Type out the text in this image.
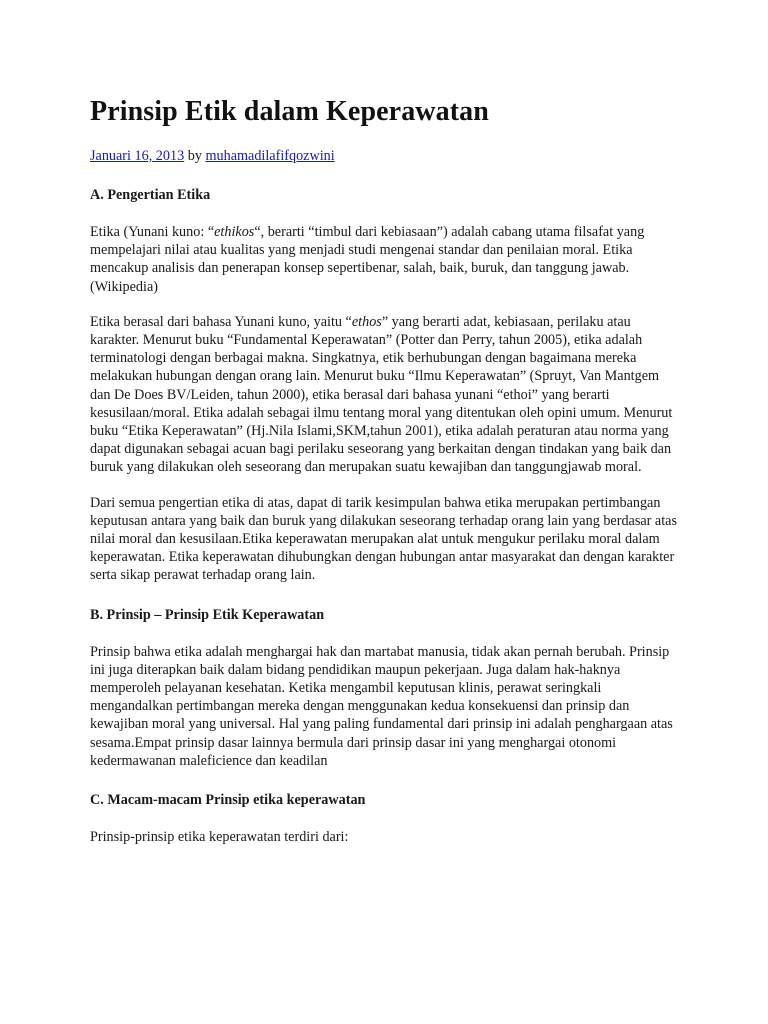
Prinsip Etik dalam Keperawatan
Januari 16, 2013 by muhamadilafifqozwini
A. Pengertian Etika

Etika (Yunani kuno: “ethikos“, berarti “timbul dari kebiasaan”) adalah cabang utama filsafat yang mempelajari nilai atau kualitas yang menjadi studi mengenai standar dan penilaian moral. Etika mencakup analisis dan penerapan konsep sepertibenar, salah, baik, buruk, dan tanggung jawab.(Wikipedia)

Etika berasal dari bahasa Yunani kuno, yaitu “ethos” yang berarti adat, kebiasaan, perilaku atau karakter. Menurut buku “Fundamental Keperawatan” (Potter dan Perry, tahun 2005), etika adalah terminatologi dengan berbagai makna. Singkatnya, etik berhubungan dengan bagaimana mereka melakukan hubungan dengan orang lain. Menurut buku “Ilmu Keperawatan” (Spruyt, Van Mantgem dan De Does BV/Leiden, tahun 2000), etika berasal dari bahasa yunani “ethoi” yang berarti kesusilaan/moral. Etika adalah sebagai ilmu tentang moral yang ditentukan oleh opini umum. Menurut buku “Etika Keperawatan” (Hj.Nila Islami,SKM,tahun 2001), etika adalah peraturan atau norma yang dapat digunakan sebagai acuan bagi perilaku seseorang yang berkaitan dengan tindakan yang baik dan buruk yang dilakukan oleh seseorang dan merupakan suatu kewajiban dan tanggungjawab moral.

Dari semua pengertian etika di atas, dapat di tarik kesimpulan bahwa etika merupakan pertimbangan keputusan antara yang baik dan buruk yang dilakukan seseorang terhadap orang lain yang berdasar atas nilai moral dan kesusilaan.Etika keperawatan merupakan alat untuk mengukur perilaku moral dalam keperawatan. Etika keperawatan dihubungkan dengan hubungan antar masyarakat dan dengan karakter serta sikap perawat terhadap orang lain.

B. Prinsip – Prinsip Etik Keperawatan

Prinsip bahwa etika adalah menghargai hak dan martabat manusia, tidak akan pernah berubah. Prinsip ini juga diterapkan baik dalam bidang pendidikan maupun pekerjaan. Juga dalam hak-haknya memperoleh pelayanan kesehatan. Ketika mengambil keputusan klinis, perawat seringkali mengandalkan pertimbangan mereka dengan menggunakan kedua konsekuensi dan prinsip dan kewajiban moral yang universal. Hal yang paling fundamental dari prinsip ini adalah penghargaan atas sesama.Empat prinsip dasar lainnya bermula dari prinsip dasar ini yang menghargai otonomi kedermawanan maleficience dan keadilan

C. Macam-macam Prinsip etika keperawatan

Prinsip-prinsip etika keperawatan terdiri dari:
